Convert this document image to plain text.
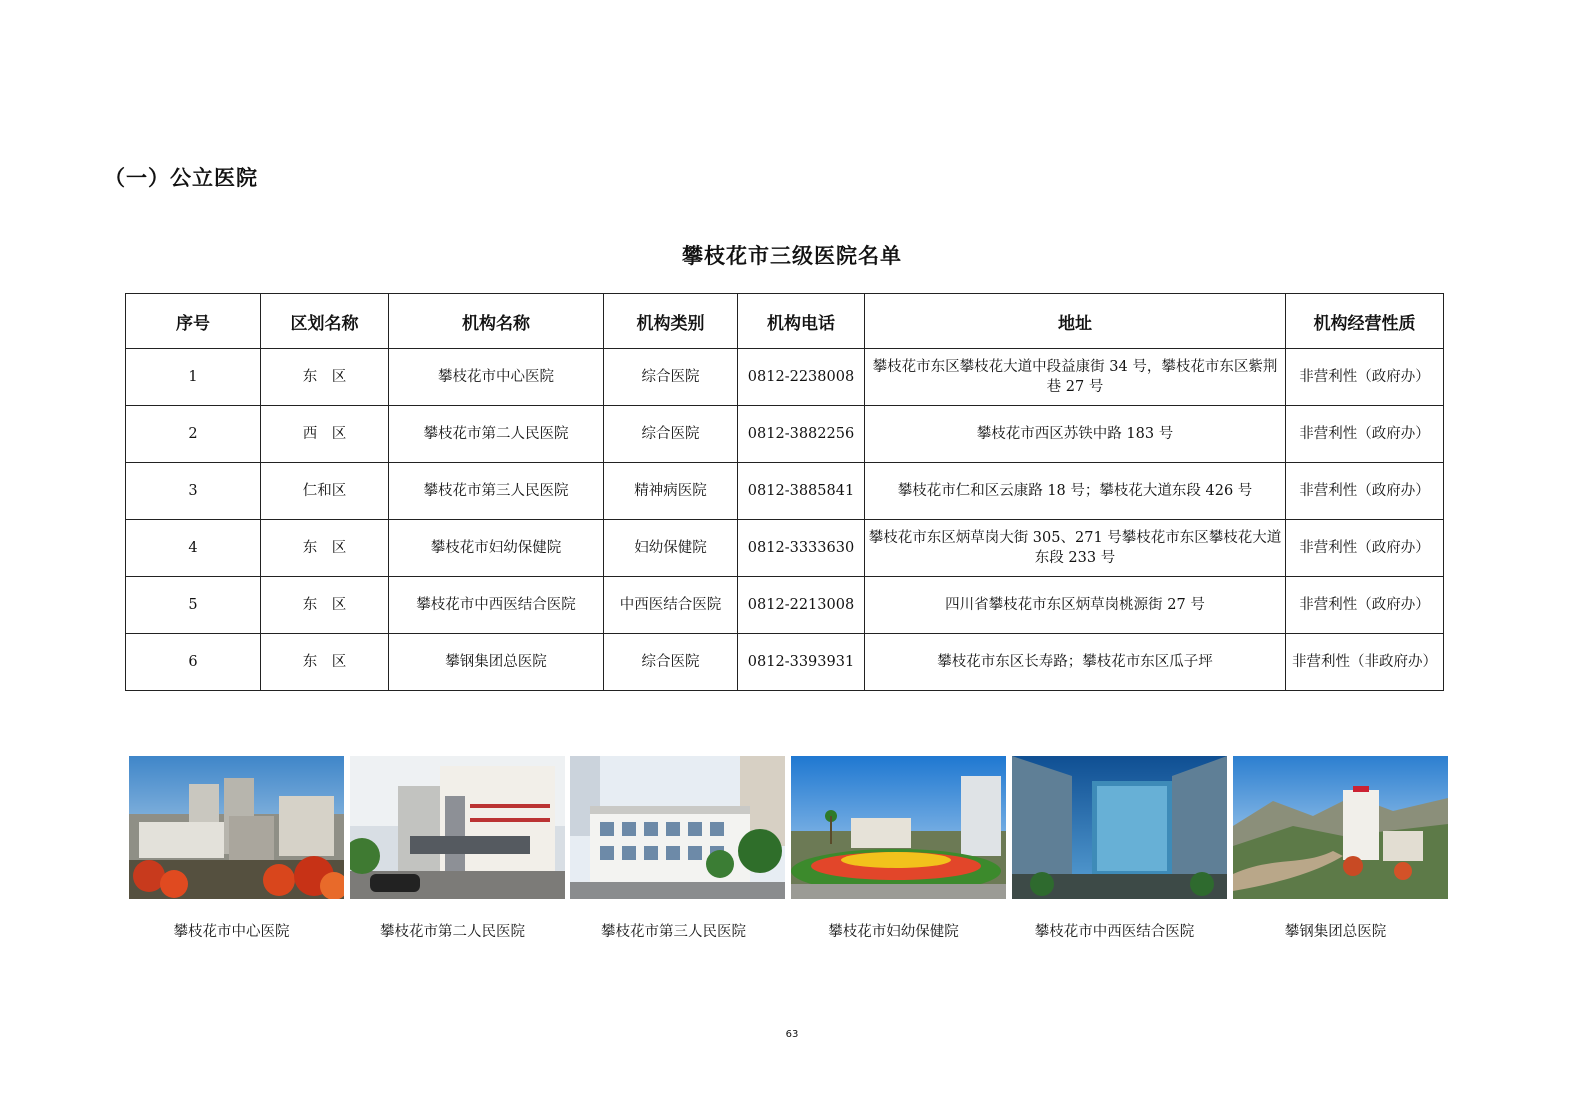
（一）公立医院
攀枝花市三级医院名单
序号	区划名称	机构名称	机构类别	机构电话	地址	机构经营性质
1	东　区	攀枝花市中心医院	综合医院	0812-2238008	攀枝花市东区攀枝花大道中段益康街 34 号，攀枝花市东区紫荆巷 27 号	非营利性（政府办）
2	西　区	攀枝花市第二人民医院	综合医院	0812-3882256	攀枝花市西区苏铁中路 183 号	非营利性（政府办）
3	仁和区	攀枝花市第三人民医院	精神病医院	0812-3885841	攀枝花市仁和区云康路 18 号；攀枝花大道东段 426 号	非营利性（政府办）
4	东　区	攀枝花市妇幼保健院	妇幼保健院	0812-3333630	攀枝花市东区炳草岗大街 305、271 号攀枝花市东区攀枝花大道东段 233 号	非营利性（政府办）
5	东　区	攀枝花市中西医结合医院	中西医结合医院	0812-2213008	四川省攀枝花市东区炳草岗桃源街 27 号	非营利性（政府办）
6	东　区	攀钢集团总医院	综合医院	0812-3393931	攀枝花市东区长寿路；攀枝花市东区瓜子坪	非营利性（非政府办）
攀枝花市中心医院	攀枝花市第二人民医院	攀枝花市第三人民医院	攀枝花市妇幼保健院	攀枝花市中西医结合医院	攀钢集团总医院
63
